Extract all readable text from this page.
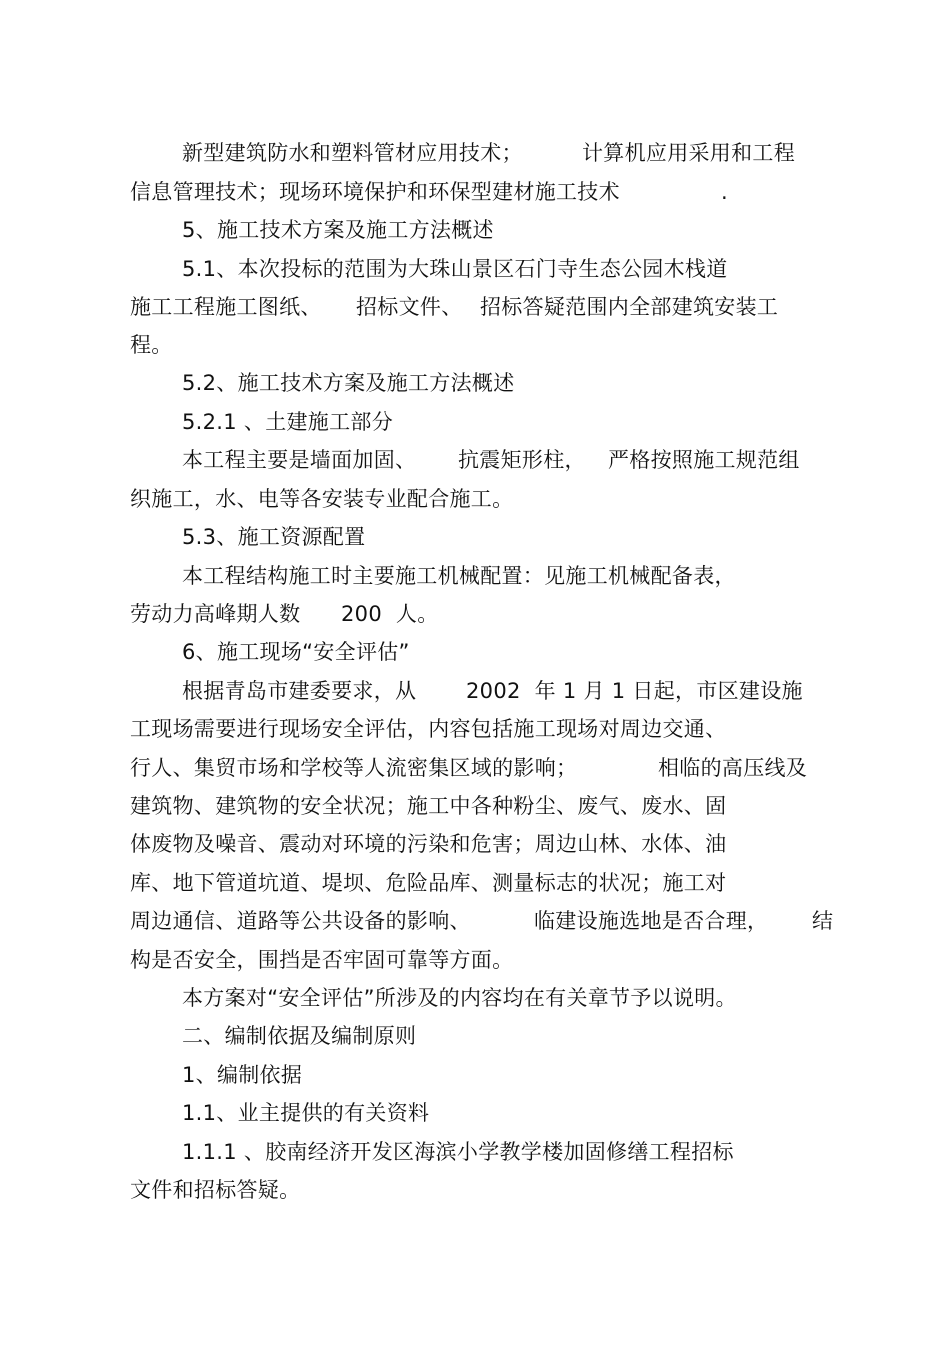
新型建筑防水和塑料管材应用技术；	计算机应用采用和工程
信息管理技术；现场环境保护和环保型建材施工技术	.
5、施工技术方案及施工方法概述
5.1、本次投标的范围为大珠山景区石门寺生态公园木栈道
施工工程施工图纸、 招标文件、 招标答疑范围内全部建筑安装工
程。
5.2、施工技术方案及施工方法概述
5.2.1 、土建施工部分
本工程主要是墙面加固、 抗震矩形柱， 严格按照施工规范组
织施工，水、电等各安装专业配合施工。
5.3、施工资源配置
本工程结构施工时主要施工机械配置：见施工机械配备表，
劳动力高峰期人数 200  人。
6、施工现场“安全评估”
根据青岛市建委要求，从 2002  年 1 月 1 日起，市区建设施
工现场需要进行现场安全评估，内容包括施工现场对周边交通、
行人、集贸市场和学校等人流密集区域的影响；	相临的高压线及
建筑物、建筑物的安全状况；施工中各种粉尘、废气、废水、固
体废物及噪音、震动对环境的污染和危害；周边山林、水体、油
库、地下管道坑道、堤坝、危险品库、测量标志的状况；施工对
周边通信、道路等公共设备的影响、	临建设施选地是否合理， 结
构是否安全，围挡是否牢固可靠等方面。
本方案对“安全评估”所涉及的内容均在有关章节予以说明。
二、编制依据及编制原则
1、编制依据
1.1、业主提供的有关资料
1.1.1 、胶南经济开发区海滨小学教学楼加固修缮工程招标
文件和招标答疑。
